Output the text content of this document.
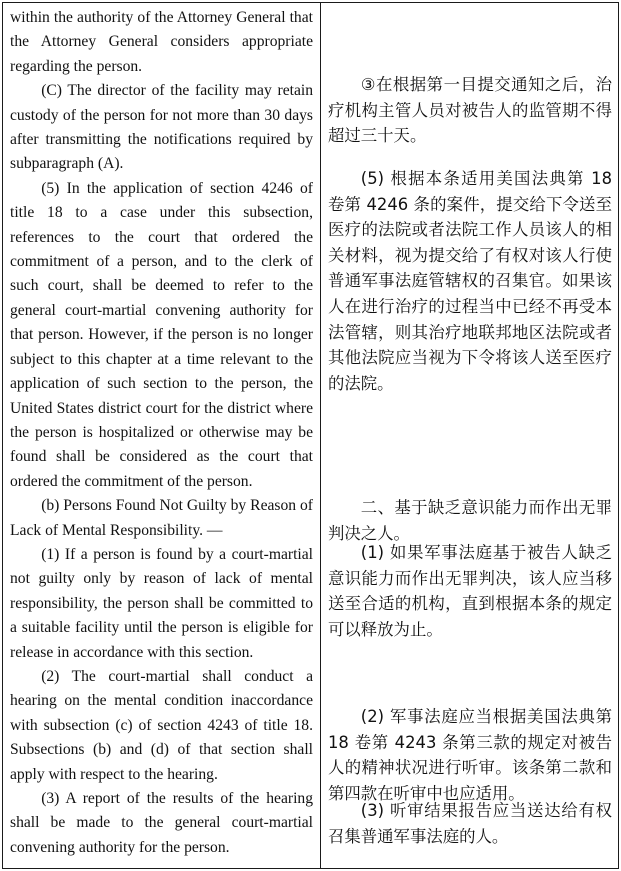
within the authority of the Attorney General that the Attorney General considers appropriate regarding the person.

(C) The director of the facility may retain custody of the person for not more than 30 days after transmitting the notifications required by subparagraph (A).

(5) In the application of section 4246 of title 18 to a case under this subsection, references to the court that ordered the commitment of a person, and to the clerk of such court, shall be deemed to refer to the general court-martial convening authority for that person. However, if the person is no longer subject to this chapter at a time relevant to the application of such section to the person, the United States district court for the district where the person is hospitalized or otherwise may be found shall be considered as the court that ordered the commitment of the person.

(b) Persons Found Not Guilty by Reason of Lack of Mental Responsibility. —

(1) If a person is found by a court-martial not guilty only by reason of lack of mental responsibility, the person shall be committed to a suitable facility until the person is eligible for release in accordance with this section.

(2) The court-martial shall conduct a hearing on the mental condition inaccordance with subsection (c) of section 4243 of title 18. Subsections (b) and (d) of that section shall apply with respect to the hearing.

(3) A report of the results of the hearing shall be made to the general court-martial convening authority for the person.

③在根据第一目提交通知之后，治疗机构主管人员对被告人的监管期不得超过三十天。

(5) 根据本条适用美国法典第 18 卷第 4246 条的案件，提交给下令送至医疗的法院或者法院工作人员该人的相关材料，视为提交给了有权对该人行使普通军事法庭管辖权的召集官。如果该人在进行治疗的过程当中已经不再受本法管辖，则其治疗地联邦地区法院或者其他法院应当视为下令将该人送至医疗的法院。

二、基于缺乏意识能力而作出无罪判决之人。

(1) 如果军事法庭基于被告人缺乏意识能力而作出无罪判决，该人应当移送至合适的机构，直到根据本条的规定可以释放为止。

(2) 军事法庭应当根据美国法典第 18 卷第 4243 条第三款的规定对被告人的精神状况进行听审。该条第二款和第四款在听审中也应适用。

(3) 听审结果报告应当送达给有权召集普通军事法庭的人。
